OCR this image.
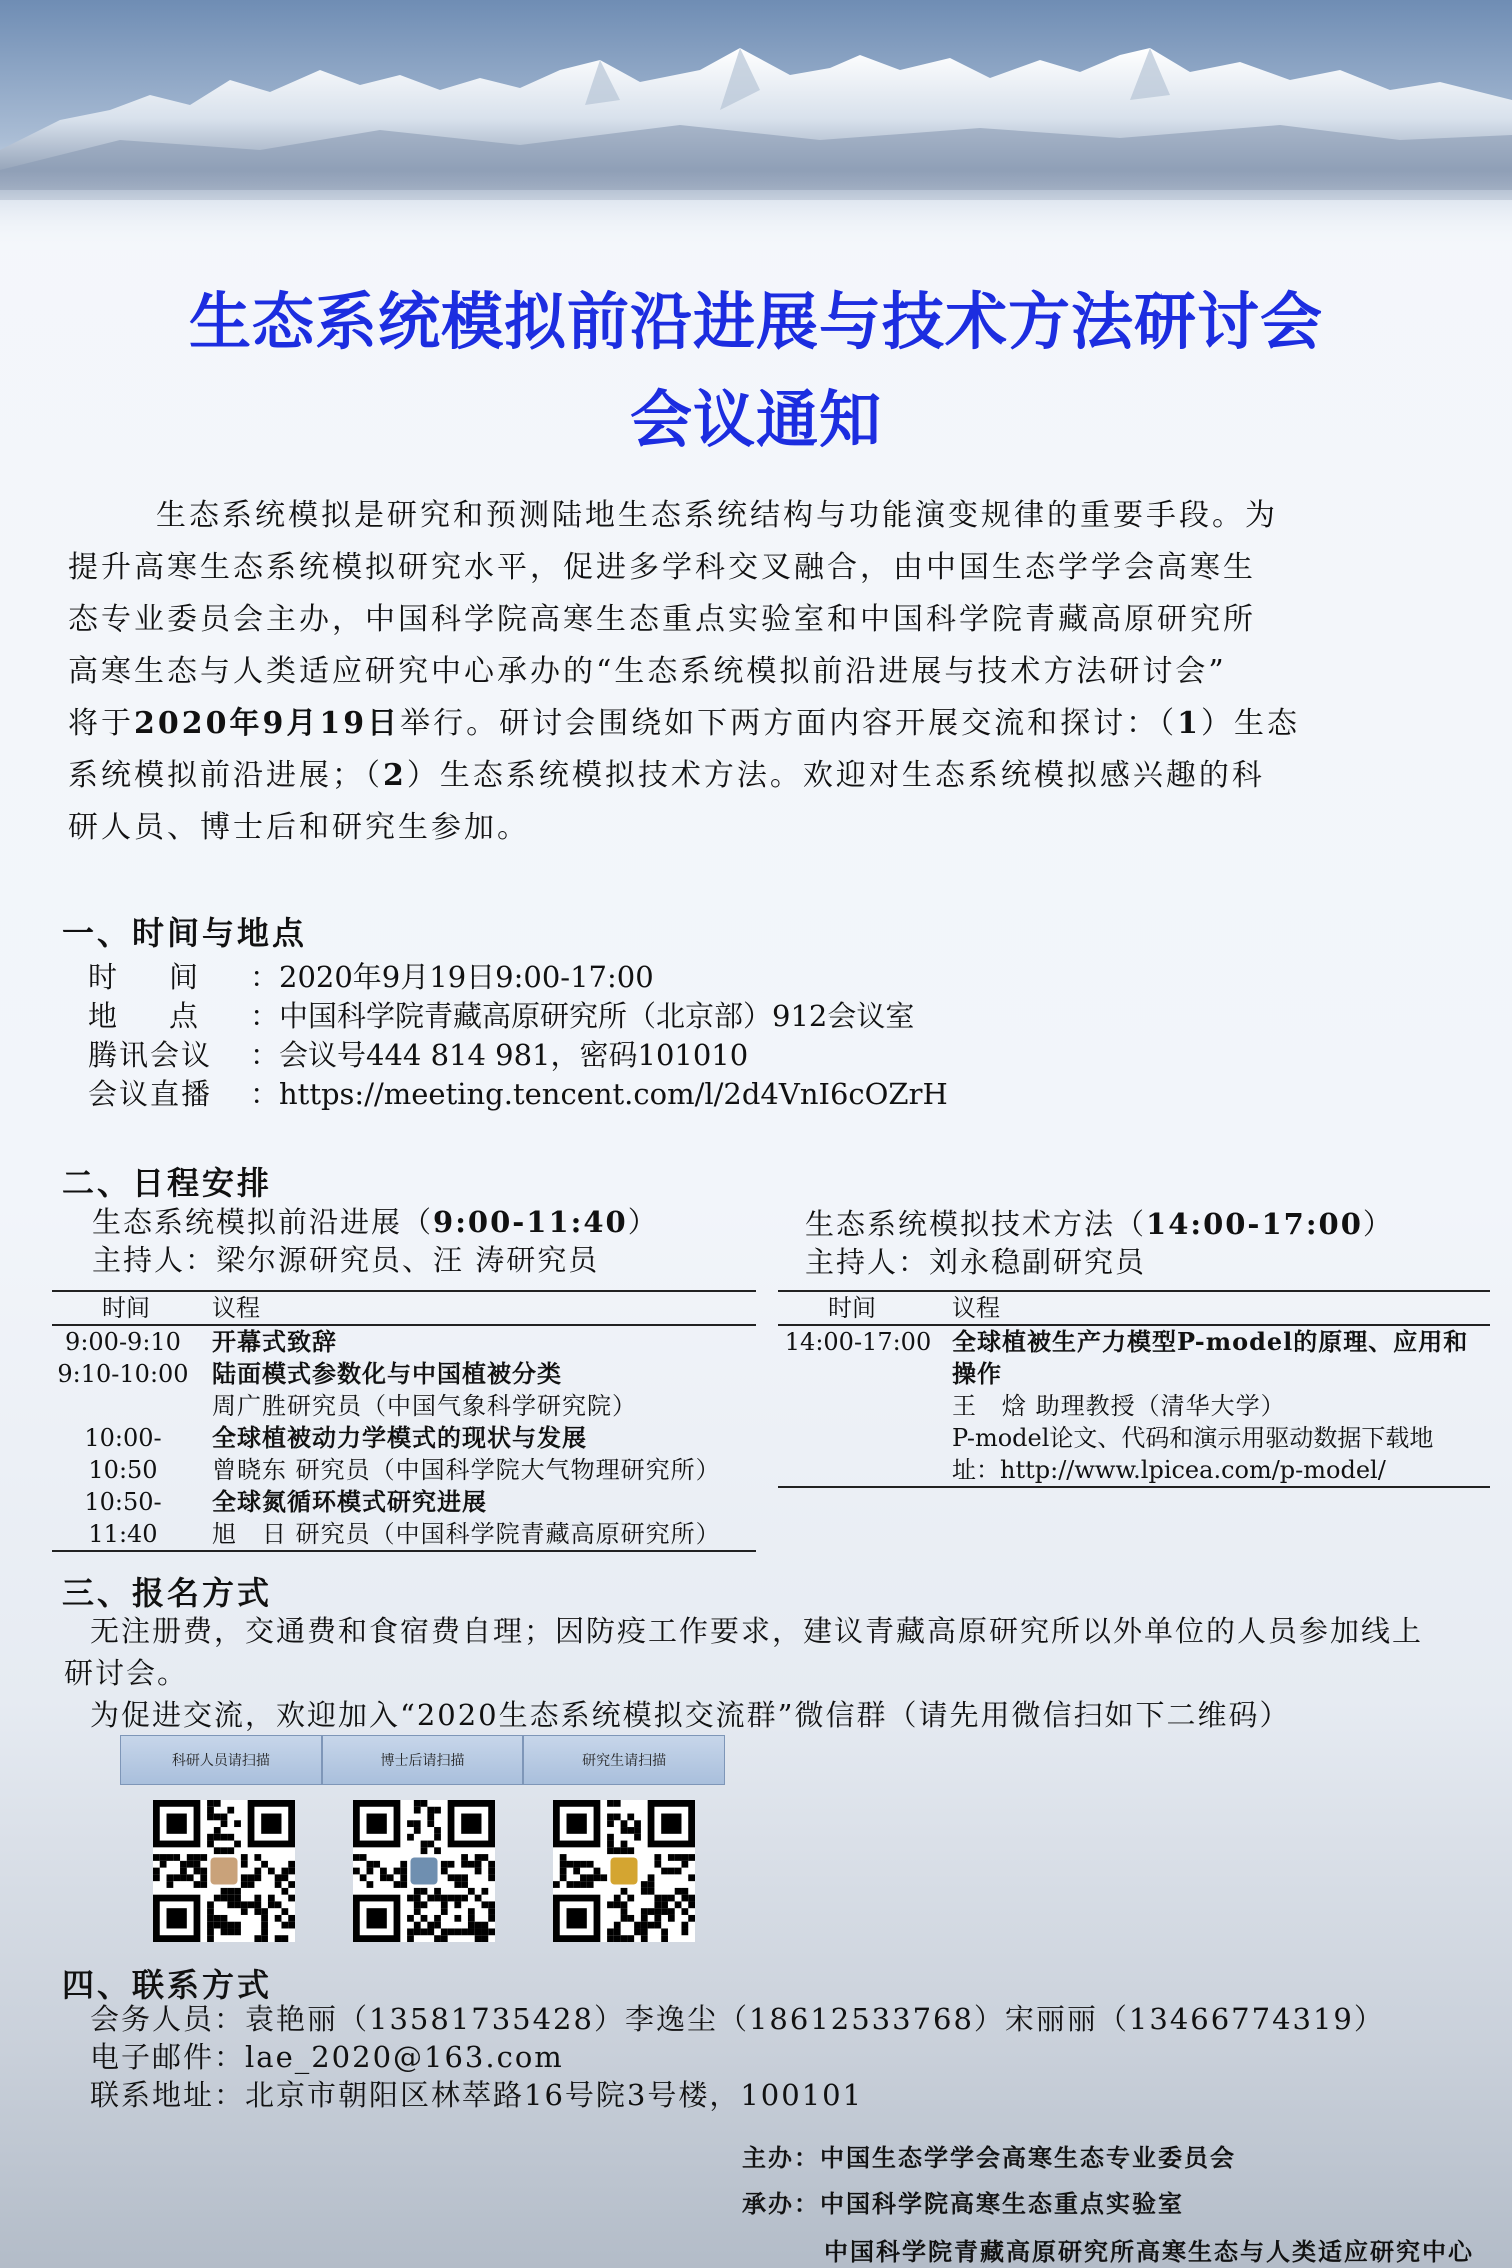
生态系统模拟前沿进展与技术方法研讨会
会议通知
生态系统模拟是研究和预测陆地生态系统结构与功能演变规律的重要手段。为
提升高寒生态系统模拟研究水平，促进多学科交叉融合，由中国生态学学会高寒生
态专业委员会主办，中国科学院高寒生态重点实验室和中国科学院青藏高原研究所
高寒生态与人类适应研究中心承办的“生态系统模拟前沿进展与技术方法研讨会”
将于2020年9月19日举行。研讨会围绕如下两方面内容开展交流和探讨：（1）生态
系统模拟前沿进展；（2）生态系统模拟技术方法。欢迎对生态系统模拟感兴趣的科
研人员、博士后和研究生参加。
一、时间与地点
时间：2020年9月19日9:00-17:00
地点：中国科学院青藏高原研究所（北京部）912会议室
腾讯会议 ：会议号444 814 981，密码101010
会议直播 ：https://meeting.tencent.com/l/2d4VnI6cOZrH
二、日程安排
生态系统模拟前沿进展（9:00-11:40）
主持人：梁尔源研究员、汪 涛研究员
生态系统模拟技术方法（14:00-17:00）
主持人：刘永稳副研究员
时间	议程
9:00-9:10	开幕式致辞
9:10-10:00 陆面模式参数化与中国植被分类
周广胜研究员（中国气象科学研究院）
10:00-10:50
全球植被动力学模式的现状与发展
曾晓东 研究员（中国科学院大气物理研究所）
10:50-11:40
全球氮循环模式研究进展
旭　日 研究员（中国科学院青藏高原研究所）
时间	议程
14:00-17:00 全球植被生产力模型P-model的原理、应用和
操作
王　焓 助理教授（清华大学）
P-model论文、代码和演示用驱动数据下载地
址：http://www.lpicea.com/p-model/
三、报名方式
无注册费，交通费和食宿费自理；因防疫工作要求，建议青藏高原研究所以外单位的人员参加线上
研讨会。
为促进交流，欢迎加入“2020生态系统模拟交流群”微信群（请先用微信扫如下二维码）
科研人员请扫描	博士后请扫描	研究生请扫描
四、联系方式
会务人员：袁艳丽（13581735428）李逸尘（18612533768）宋丽丽（13466774319）
电子邮件：lae_2020@163.com
联系地址：北京市朝阳区林萃路16号院3号楼，100101
主办：中国生态学学会高寒生态专业委员会
承办：中国科学院高寒生态重点实验室
中国科学院青藏高原研究所高寒生态与人类适应研究中心
